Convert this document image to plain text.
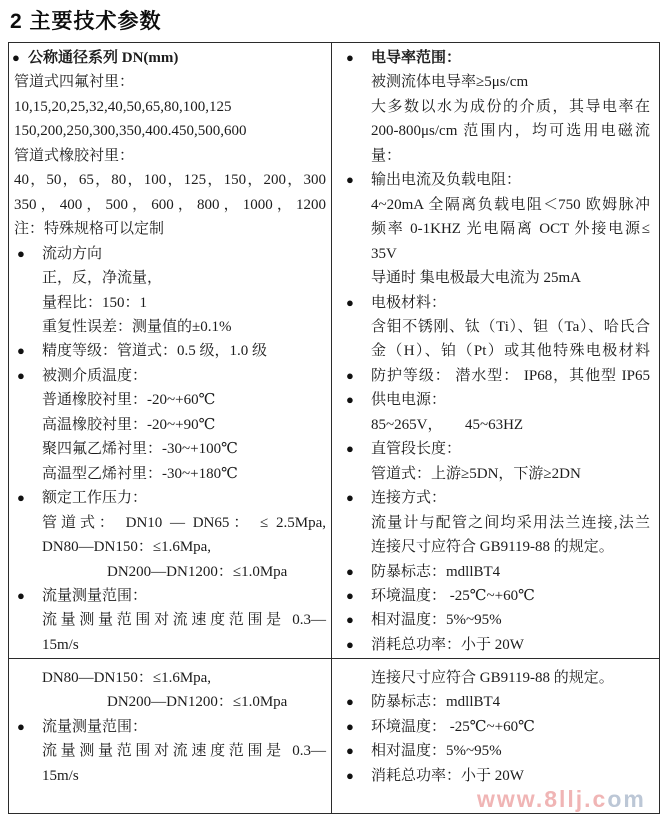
2 主要技术参数
● 公称通径系列 DN(mm)
管道式四氟衬里：
10,15,20,25,32,40,50,65,80,100,125
150,200,250,300,350,400.450,500,600
管道式橡胶衬里：
40，50，65，80，100，125，150，200，300
350，400，500，600，800，1000，1200
注：特殊规格可以定制
● 流动方向
正，反，净流量，
量程比：150：1
重复性误差：测量值的±0.1%
● 精度等级：管道式：0.5 级，1.0 级
● 被测介质温度：
普通橡胶衬里：-20~+60℃
高温橡胶衬里：-20~+90℃
聚四氟乙烯衬里：-30~+100℃
高温型乙烯衬里：-30~+180℃
● 额定工作压力：
管道式： DN10 — DN65： ≤ 2.5Mpa,
DN80—DN150：≤1.6Mpa,
DN200—DN1200：≤1.0Mpa
● 流量测量范围：
流量测量范围对流速度范围是 0.3—
15m/s
● 电导率范围：
被测流体电导率≥5μs/cm
大多数以水为成份的介质，其导电率在
200-800μs/cm 范围内，均可选用电磁流
量：
● 输出电流及负载电阻：
4~20mA 全隔离负载电阻＜750 欧姆脉冲
频率 0-1KHZ 光电隔离 OCT 外接电源≤
35V
导通时 集电极最大电流为 25mA
● 电极材料：
含钼不锈刚、钛（Ti）、钽（Ta）、哈氏合
金（H）、铂（Pt）或其他特殊电极材料
● 防护等级： 潜水型： IP68，其他型 IP65
● 供电电源：
85~265V，　　45~63HZ
● 直管段长度：
管道式：上游≥5DN，下游≥2DN
● 连接方式：
流量计与配管之间均采用法兰连接,法兰
连接尺寸应符合 GB9119-88 的规定。
● 防暴标志：mdllBT4
● 环境温度： -25℃~+60℃
● 相对温度：5%~95%
● 消耗总功率：小于 20W
DN80—DN150：≤1.6Mpa,
DN200—DN1200：≤1.0Mpa
● 流量测量范围：
流量测量范围对流速度范围是 0.3—
15m/s
连接尺寸应符合 GB9119-88 的规定。
● 防暴标志：mdllBT4
● 环境温度： -25℃~+60℃
● 相对温度：5%~95%
● 消耗总功率：小于 20W
www.8llj.com
